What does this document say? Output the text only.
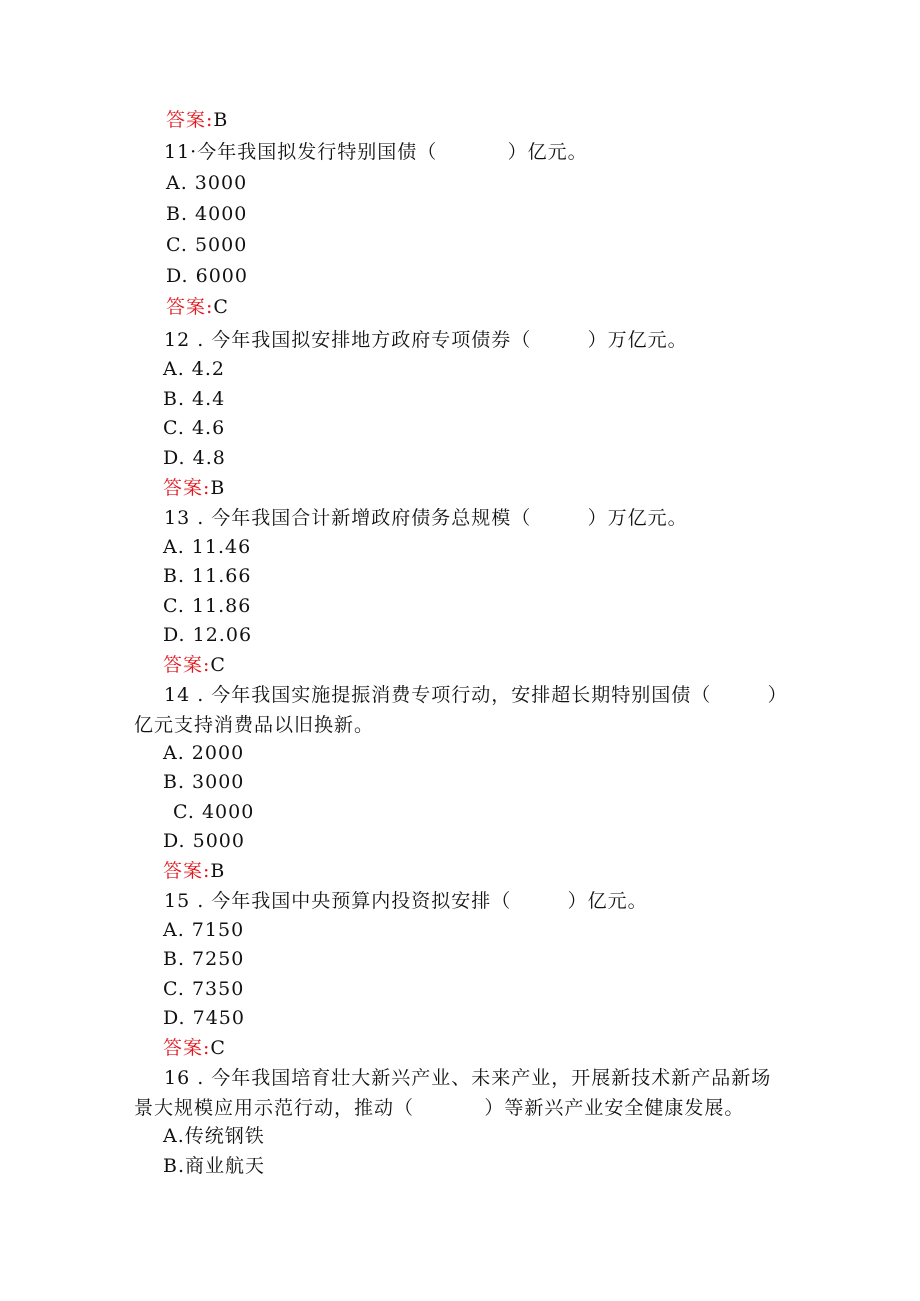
答案:B
11·今年我国拟发行特别国债（          ）亿元。
A. 3000
B. 4000
C. 5000
D. 6000
答案:C
12 . 今年我国拟安排地方政府专项债券（        ）万亿元。
A. 4.2
B. 4.4
C. 4.6
D. 4.8
答案:B
13 . 今年我国合计新增政府债务总规模（        ）万亿元。
A. 11.46
B. 11.66
C. 11.86
D. 12.06
答案:C
14 . 今年我国实施提振消费专项行动，安排超长期特别国债（        ）
亿元支持消费品以旧换新。
A. 2000
B. 3000
C. 4000
D. 5000
答案:B
15 . 今年我国中央预算内投资拟安排（        ）亿元。
A. 7150
B. 7250
C. 7350
D. 7450
答案:C
16 . 今年我国培育壮大新兴产业、未来产业，开展新技术新产品新场
景大规模应用示范行动，推动（          ）等新兴产业安全健康发展。
A.传统钢铁
B.商业航天
